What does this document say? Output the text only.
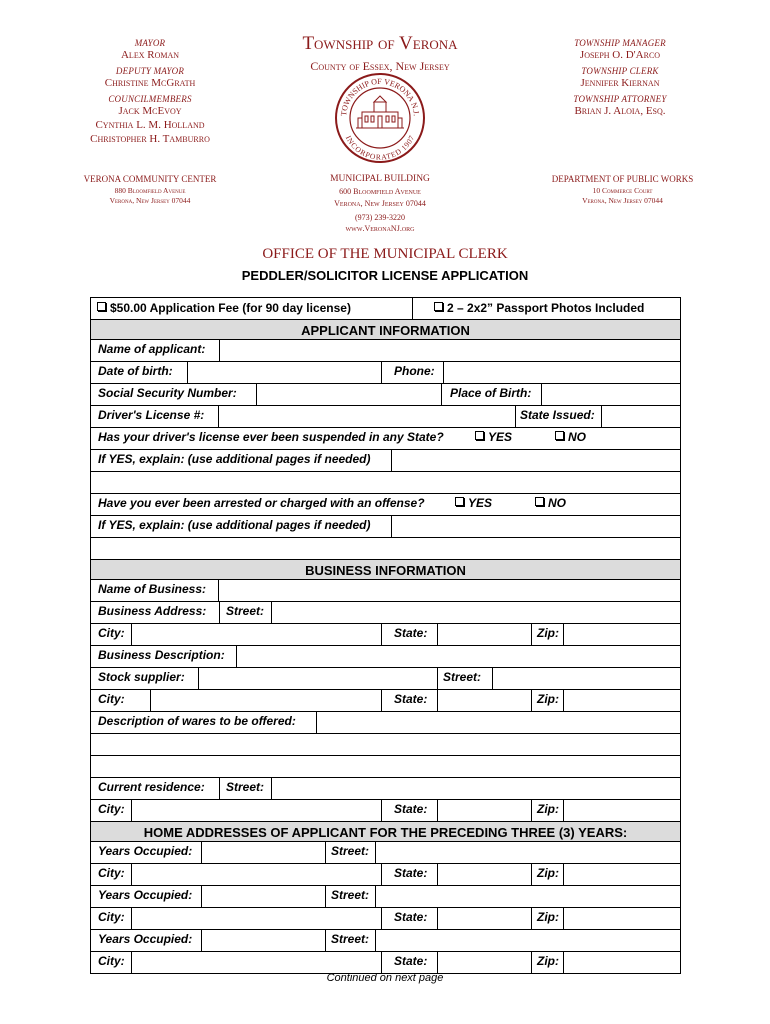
MAYOR
Alex Roman
DEPUTY MAYOR
Christine McGrath
COUNCILMEMBERS
Jack McEvoy
Cynthia L. M. Holland
Christopher H. Tamburro
Township of Verona
County of Essex, New Jersey
TOWNSHIP OF VERONA N.J.
INCORPORATED 1907
TOWNSHIP MANAGER
Joseph O. D'Arco
TOWNSHIP CLERK
Jennifer Kiernan
TOWNSHIP ATTORNEY
Brian J. Aloia, Esq.
VERONA COMMUNITY CENTER
880 Bloomfield Avenue
Verona, New Jersey 07044
MUNICIPAL BUILDING
600 Bloomfield Avenue
Verona, New Jersey 07044
(973) 239-3220
www.VeronaNJ.org
DEPARTMENT OF PUBLIC WORKS
10 Commerce Court
Verona, New Jersey 07044
OFFICE OF THE MUNICIPAL CLERK
PEDDLER/SOLICITOR LICENSE APPLICATION
$50.00 Application Fee (for 90 day license)	2 – 2x2” Passport Photos Included
APPLICANT INFORMATION
Name of applicant:
Date of birth:	Phone:
Social Security Number:	Place of Birth:
Driver's License #:	State Issued:
Has your driver's license ever been suspended in any State?	YES	NO
If YES, explain: (use additional pages if needed)
Have you ever been arrested or charged with an offense?	YES	NO
If YES, explain: (use additional pages if needed)
BUSINESS INFORMATION
Name of Business:
Business Address: Street:
City:	State:	Zip:
Business Description:
Stock supplier:	Street:
City:	State:	Zip:
Description of wares to be offered:
Current residence: Street:
City:	State:	Zip:
HOME ADDRESSES OF APPLICANT FOR THE PRECEDING THREE (3) YEARS:
Years Occupied:	Street:
City:	State:	Zip:
Years Occupied:	Street:
City:	State:	Zip:
Years Occupied:	Street:
City:	State:	Zip:
Continued on next page
